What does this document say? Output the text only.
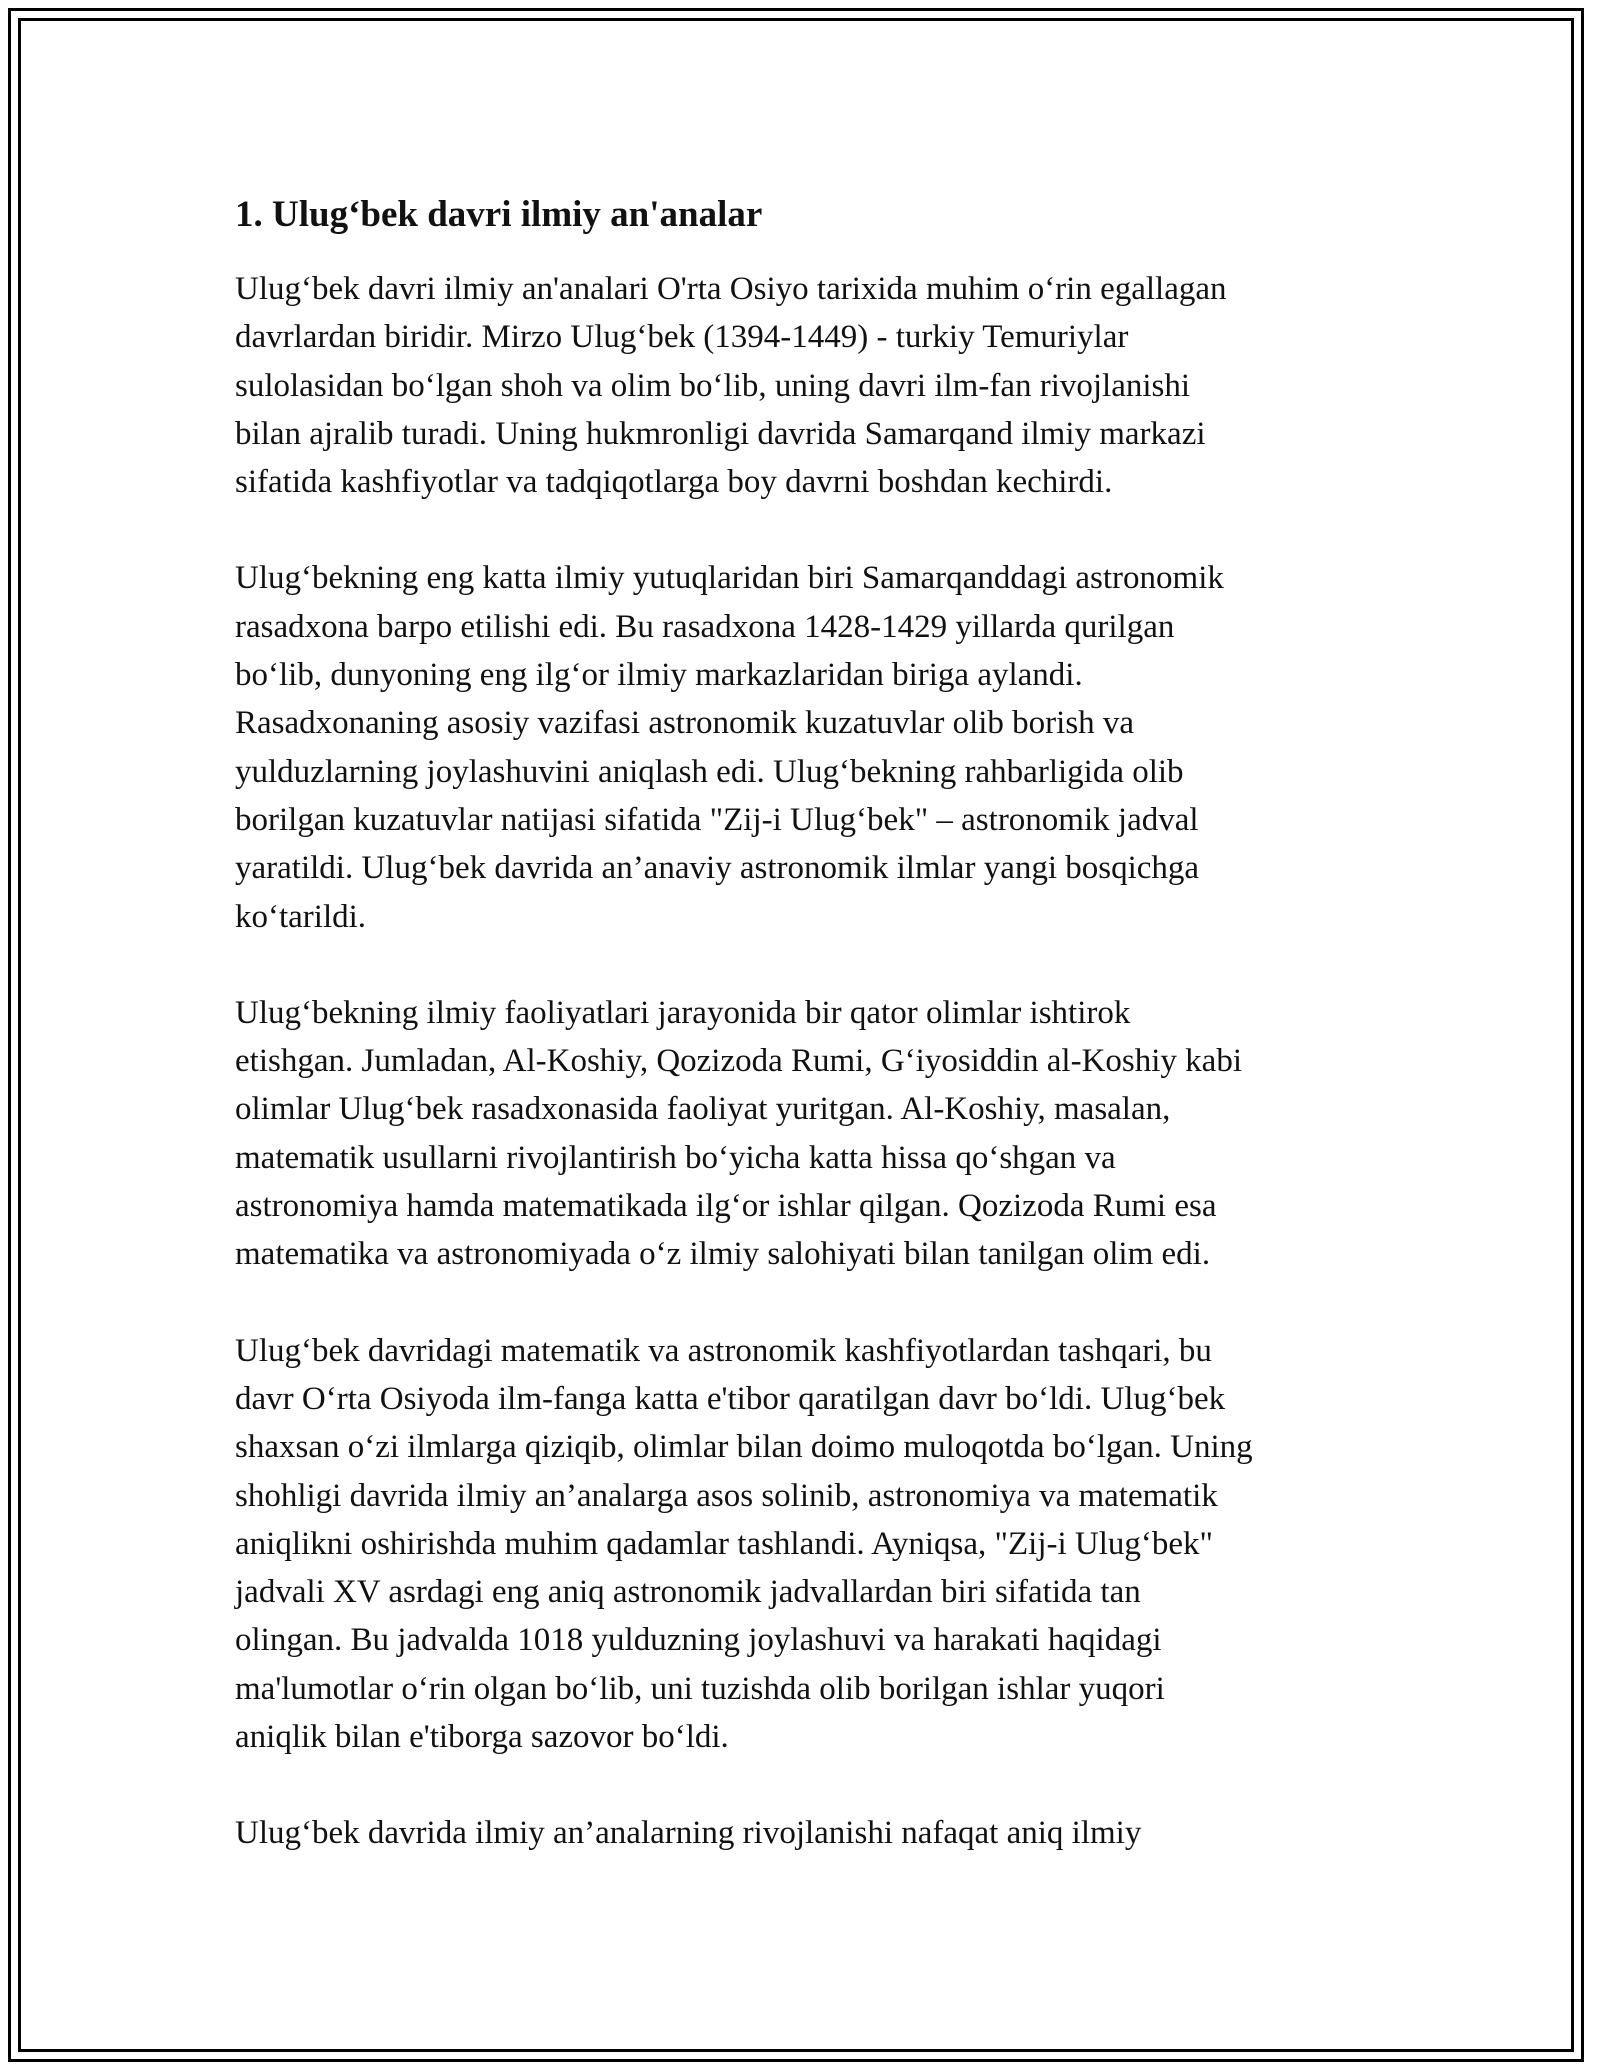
1. Ulug‘bek davri ilmiy an'analar

Ulug‘bek davri ilmiy an'analari O'rta Osiyo tarixida muhim o‘rin egallagan
davrlardan biridir. Mirzo Ulug‘bek (1394-1449) - turkiy Temuriylar
sulolasidan bo‘lgan shoh va olim bo‘lib, uning davri ilm-fan rivojlanishi
bilan ajralib turadi. Uning hukmronligi davrida Samarqand ilmiy markazi
sifatida kashfiyotlar va tadqiqotlarga boy davrni boshdan kechirdi.

Ulug‘bekning eng katta ilmiy yutuqlaridan biri Samarqanddagi astronomik
rasadxona barpo etilishi edi. Bu rasadxona 1428-1429 yillarda qurilgan
bo‘lib, dunyoning eng ilg‘or ilmiy markazlaridan biriga aylandi.
Rasadxonaning asosiy vazifasi astronomik kuzatuvlar olib borish va
yulduzlarning joylashuvini aniqlash edi. Ulug‘bekning rahbarligida olib
borilgan kuzatuvlar natijasi sifatida "Zij-i Ulug‘bek" – astronomik jadval
yaratildi. Ulug‘bek davrida an’anaviy astronomik ilmlar yangi bosqichga
ko‘tarildi.

Ulug‘bekning ilmiy faoliyatlari jarayonida bir qator olimlar ishtirok
etishgan. Jumladan, Al-Koshiy, Qozizoda Rumi, G‘iyosiddin al-Koshiy kabi
olimlar Ulug‘bek rasadxonasida faoliyat yuritgan. Al-Koshiy, masalan,
matematik usullarni rivojlantirish bo‘yicha katta hissa qo‘shgan va
astronomiya hamda matematikada ilg‘or ishlar qilgan. Qozizoda Rumi esa
matematika va astronomiyada o‘z ilmiy salohiyati bilan tanilgan olim edi.

Ulug‘bek davridagi matematik va astronomik kashfiyotlardan tashqari, bu
davr O‘rta Osiyoda ilm-fanga katta e'tibor qaratilgan davr bo‘ldi. Ulug‘bek
shaxsan o‘zi ilmlarga qiziqib, olimlar bilan doimo muloqotda bo‘lgan. Uning
shohligi davrida ilmiy an’analarga asos solinib, astronomiya va matematik
aniqlikni oshirishda muhim qadamlar tashlandi. Ayniqsa, "Zij-i Ulug‘bek"
jadvali XV asrdagi eng aniq astronomik jadvallardan biri sifatida tan
olingan. Bu jadvalda 1018 yulduzning joylashuvi va harakati haqidagi
ma'lumotlar o‘rin olgan bo‘lib, uni tuzishda olib borilgan ishlar yuqori
aniqlik bilan e'tiborga sazovor bo‘ldi.

Ulug‘bek davrida ilmiy an’analarning rivojlanishi nafaqat aniq ilmiy
